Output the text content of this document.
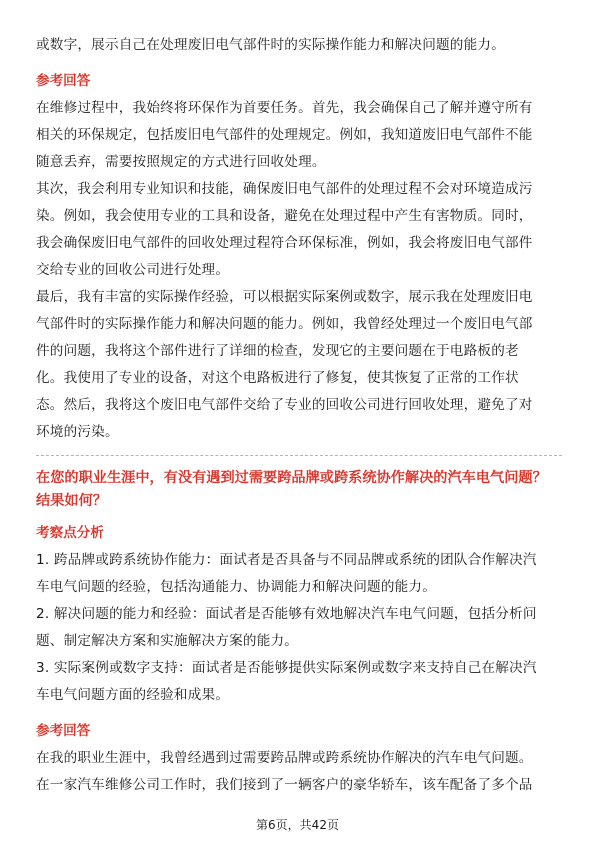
或数字，展示自己在处理废旧电气部件时的实际操作能力和解决问题的能力。

参考回答

在维修过程中，我始终将环保作为首要任务。首先，我会确保自己了解并遵守所有
相关的环保规定，包括废旧电气部件的处理规定。例如，我知道废旧电气部件不能
随意丢弃，需要按照规定的方式进行回收处理。

其次，我会利用专业知识和技能，确保废旧电气部件的处理过程不会对环境造成污
染。例如，我会使用专业的工具和设备，避免在处理过程中产生有害物质。同时，
我会确保废旧电气部件的回收处理过程符合环保标准，例如，我会将废旧电气部件
交给专业的回收公司进行处理。

最后，我有丰富的实际操作经验，可以根据实际案例或数字，展示我在处理废旧电
气部件时的实际操作能力和解决问题的能力。例如，我曾经处理过一个废旧电气部
件的问题，我将这个部件进行了详细的检查，发现它的主要问题在于电路板的老
化。我使用了专业的设备，对这个电路板进行了修复，使其恢复了正常的工作状
态。然后，我将这个废旧电气部件交给了专业的回收公司进行回收处理，避免了对
环境的污染。

在您的职业生涯中，有没有遇到过需要跨品牌或跨系统协作解决的汽车电气问题？
结果如何？

考察点分析

1. 跨品牌或跨系统协作能力：面试者是否具备与不同品牌或系统的团队合作解决汽
车电气问题的经验，包括沟通能力、协调能力和解决问题的能力。

2. 解决问题的能力和经验：面试者是否能够有效地解决汽车电气问题，包括分析问
题、制定解决方案和实施解决方案的能力。

3. 实际案例或数字支持：面试者是否能够提供实际案例或数字来支持自己在解决汽
车电气问题方面的经验和成果。

参考回答

在我的职业生涯中，我曾经遇到过需要跨品牌或跨系统协作解决的汽车电气问题。
在一家汽车维修公司工作时，我们接到了一辆客户的豪华轿车，该车配备了多个品

第6页，共42页
